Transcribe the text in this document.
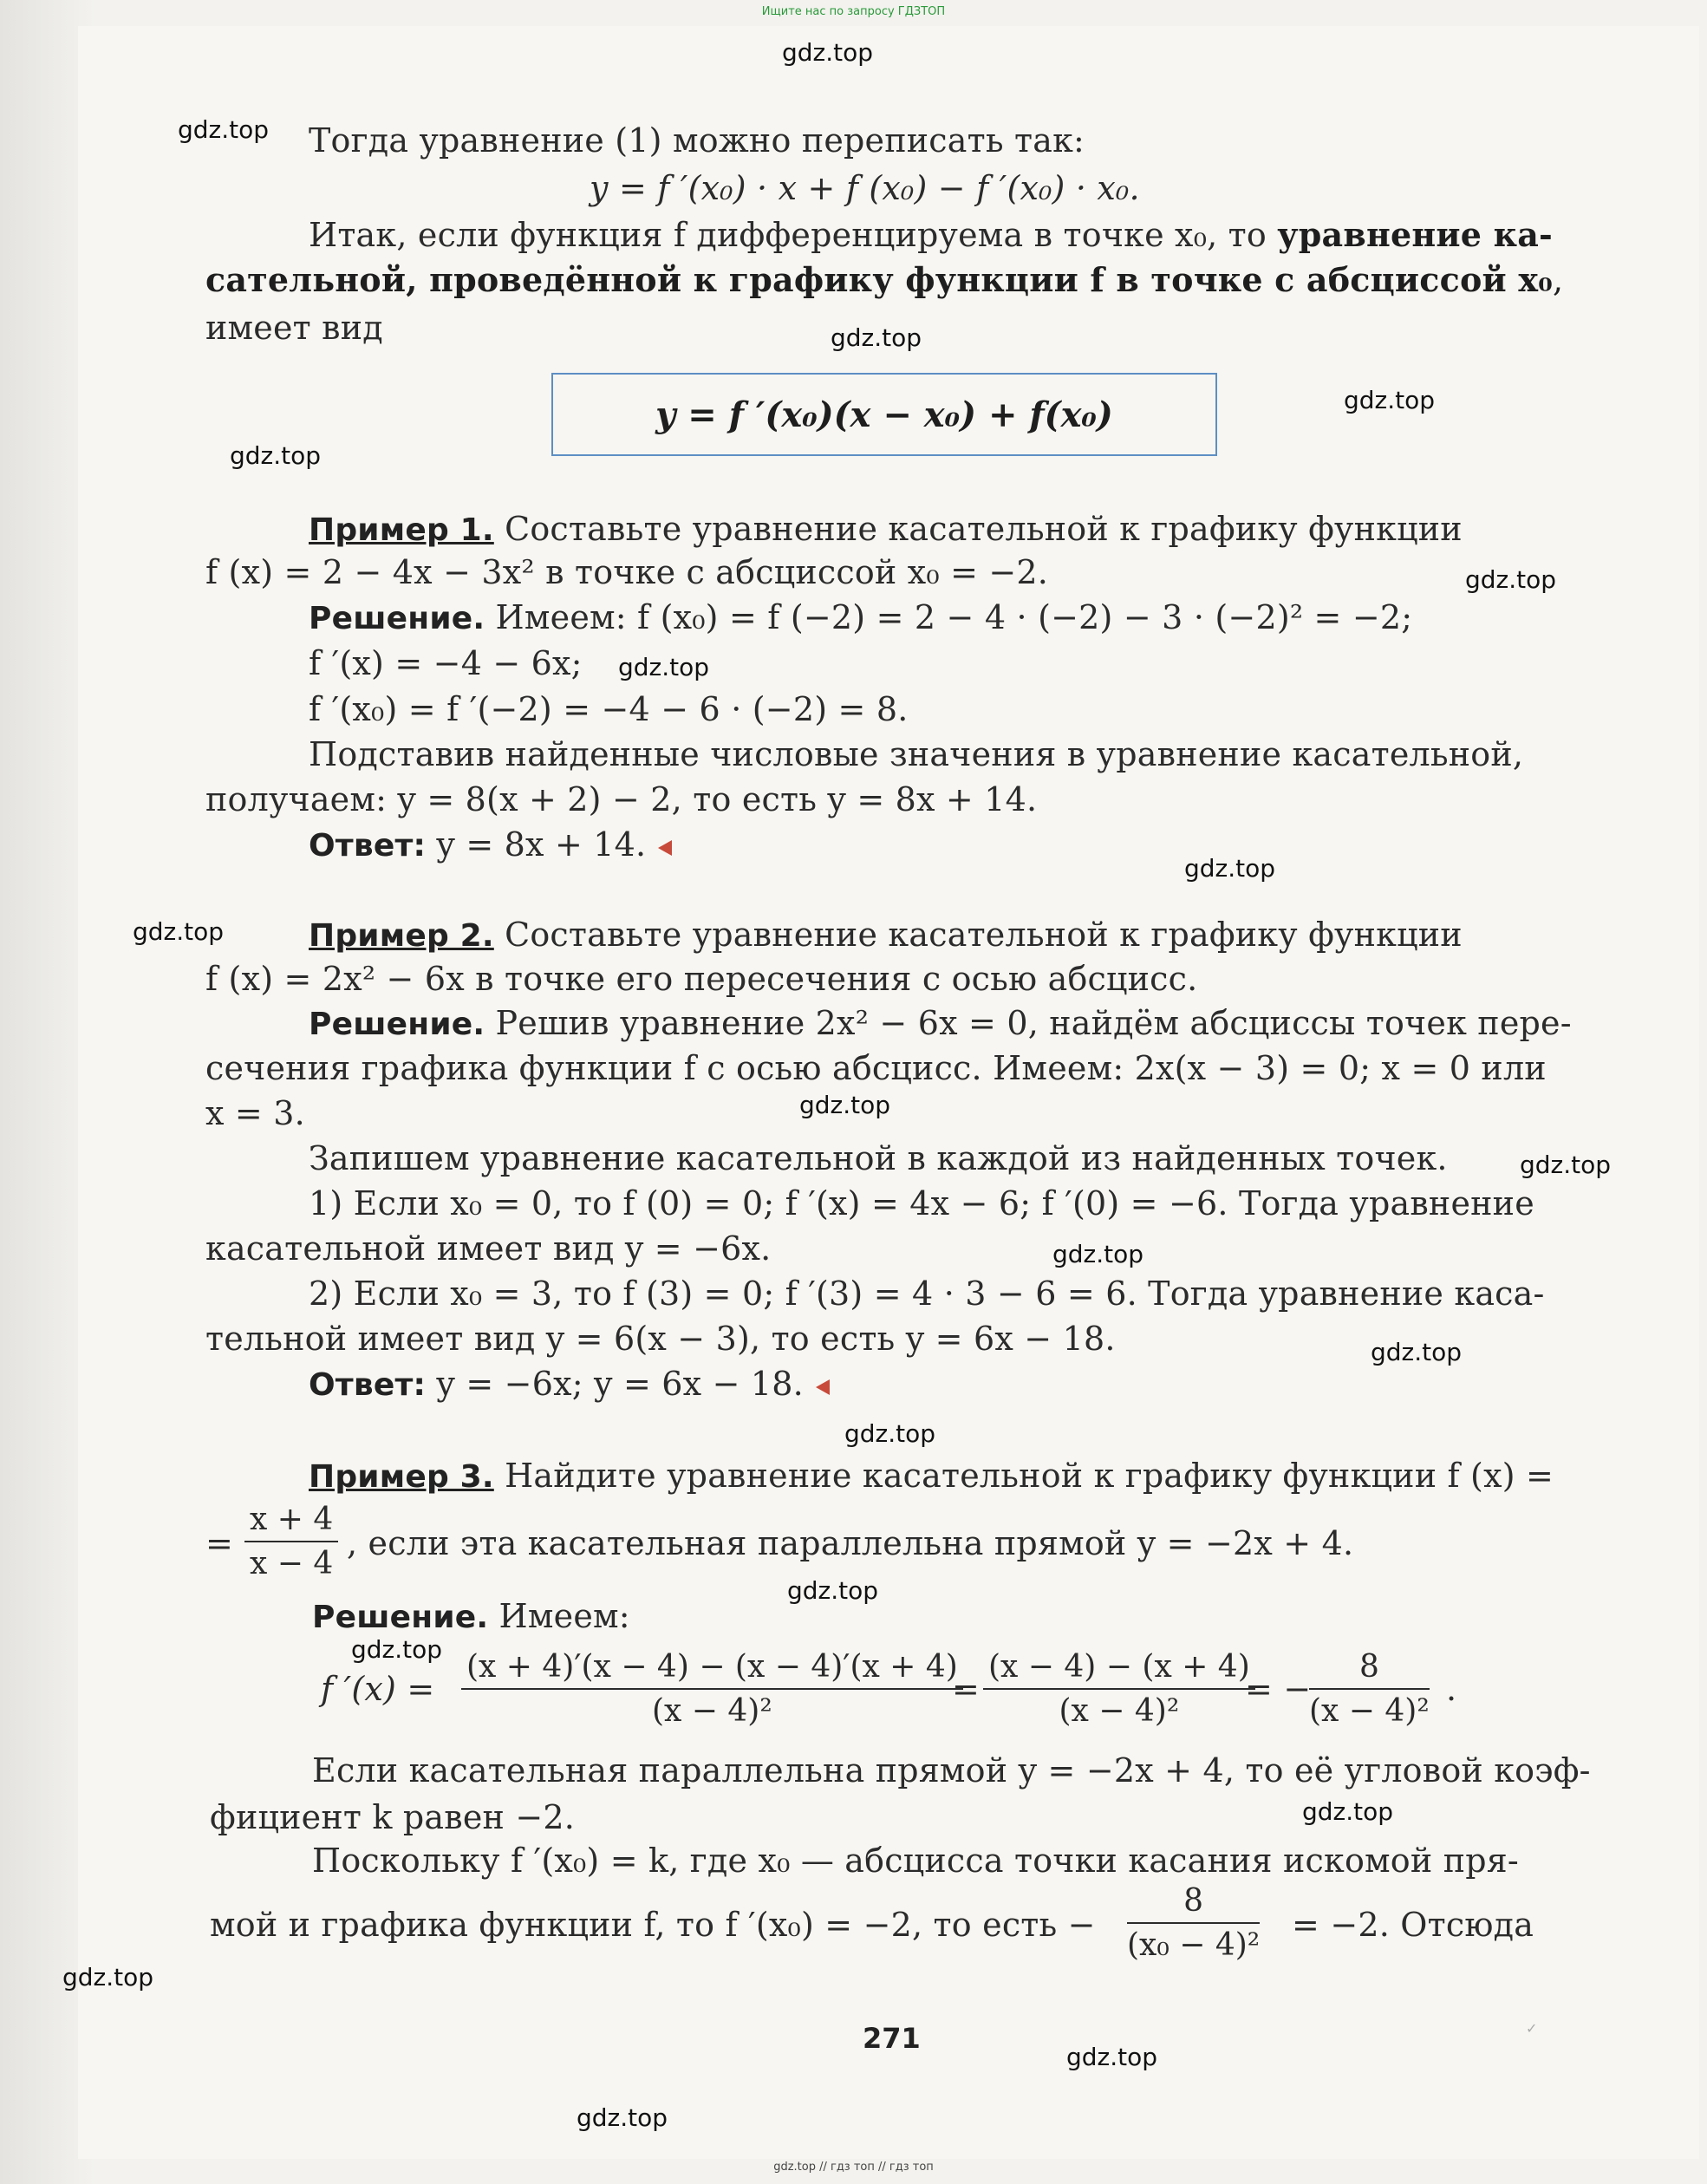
Ищите нас по запросу ГДЗТОП
gdz.top
gdz.top
gdz.top
gdz.top
gdz.top
gdz.top
gdz.top
gdz.top
gdz.top
gdz.top
gdz.top
gdz.top
gdz.top
gdz.top
gdz.top
gdz.top
gdz.top
gdz.top
gdz.top
gdz.top
Тогда уравнение (1) можно переписать так:
y = f ′(x₀) · x + f (x₀) − f ′(x₀) · x₀.
Итак, если функция f дифференцируема в точке x₀, то уравнение ка-
сательной, проведённой к графику функции f в точке с абсциссой x₀,
имеет вид
y = f ′(x₀)(x − x₀) + f(x₀)
Пример 1. Составьте уравнение касательной к графику функции
f (x) = 2 − 4x − 3x² в точке с абсциссой x₀ = −2.
Решение. Имеем: f (x₀) = f (−2) = 2 − 4 · (−2) − 3 · (−2)² = −2;
f ′(x) = −4 − 6x;
f ′(x₀) = f ′(−2) = −4 − 6 · (−2) = 8.
Подставив найденные числовые значения в уравнение касательной,
получаем: y = 8(x + 2) − 2, то есть y = 8x + 14.
Ответ: y = 8x + 14.
Пример 2. Составьте уравнение касательной к графику функции
f (x) = 2x² − 6x в точке его пересечения с осью абсцисс.
Решение. Решив уравнение 2x² − 6x = 0, найдём абсциссы точек пере-
сечения графика функции f с осью абсцисс. Имеем: 2x(x − 3) = 0; x = 0 или
x = 3.
Запишем уравнение касательной в каждой из найденных точек.
1) Если x₀ = 0, то f (0) = 0; f ′(x) = 4x − 6; f ′(0) = −6. Тогда уравнение
касательной имеет вид y = −6x.
2) Если x₀ = 3, то f (3) = 0; f ′(3) = 4 · 3 − 6 = 6. Тогда уравнение каса-
тельной имеет вид y = 6(x − 3), то есть y = 6x − 18.
Ответ: y = −6x; y = 6x − 18.
Пример 3. Найдите уравнение касательной к графику функции f (x) =
= $\frac{x + 4}{x - 4}$ , если эта касательная параллельна прямой y = −2x + 4.
Решение. Имеем:
f $'(x) = \frac{(x + 4)'(x - 4) - (x - 4)'(x + 4)}{\text{(x − 4)²}}$
= $\frac{(x - 4) - (x + 4)}{\text{(x − 4)²}}$
= −
$\frac{8}{\text{(x − 4)²}}$ .
Если касательная параллельна прямой y = −2x + 4, то её угловой коэф-
фициент k равен −2.
Поскольку f ′(x₀) = k, где x₀ — абсцисса точки касания искомой пря-
мой и графика функции f, то f ′(x₀) = −2, то есть − $\frac{8}{\text{(x₀ − 4)²}} = -2$. Отсюда
271	✓
gdz.top // гдз топ // гдз топ
